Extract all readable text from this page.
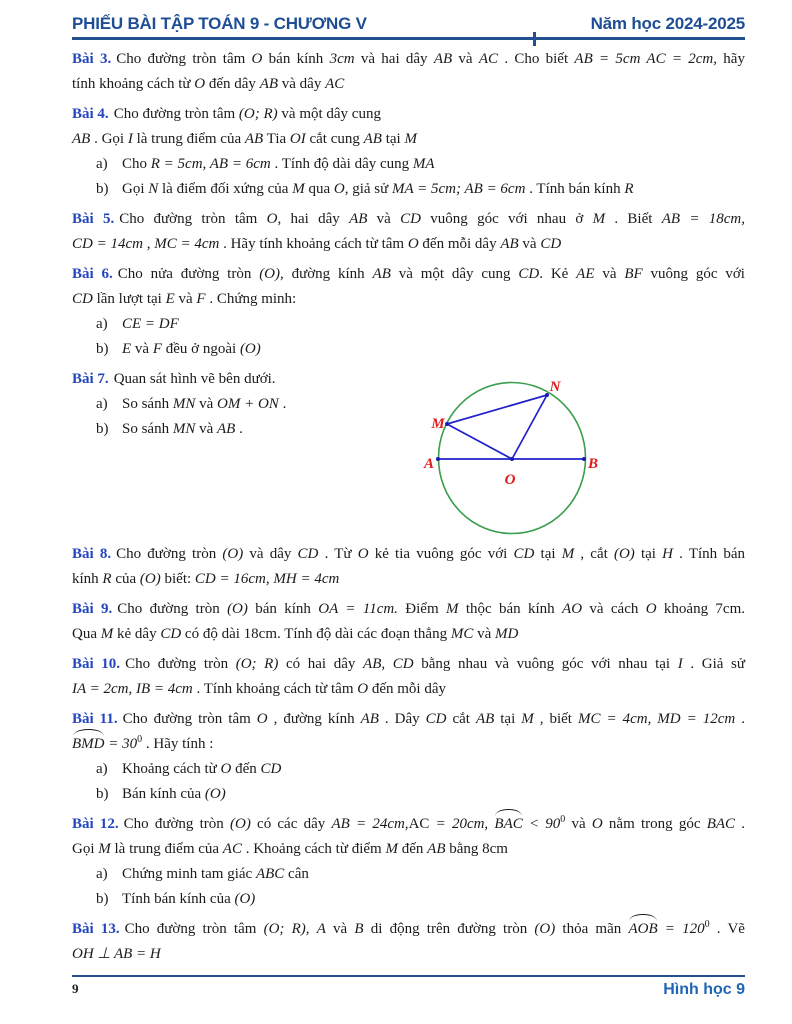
PHIẾU BÀI TẬP TOÁN 9 - CHƯƠNG V	Năm học 2024-2025
Bài 3. Cho đường tròn tâm O bán kính 3cm và hai dây AB và AC . Cho biết AB = 5cm AC = 2cm, hãy
tính khoảng cách từ O đến dây AB và dây AC
Bài 4. Cho đường tròn tâm (O; R) và một dây cung
AB . Gọi I là trung điểm của AB Tia OI cắt cung AB tại M
a) Cho R = 5cm, AB = 6cm . Tính độ dài dây cung MA
b) Gọi N là điểm đối xứng của M qua O, giả sử MA = 5cm; AB = 6cm . Tính bán kính R
Bài 5. Cho đường tròn tâm O, hai dây AB và CD vuông góc với nhau ở M . Biết AB = 18cm,
CD = 14cm , MC = 4cm . Hãy tính khoảng cách từ tâm O đến mỗi dây AB và CD
Bài 6. Cho nửa đường tròn (O), đường kính AB và một dây cung CD. Kẻ AE và BF vuông góc với
CD lần lượt tại E và F . Chứng minh:
a) CE = DF
b) E và F đều ở ngoài (O)
Bài 7. Quan sát hình vẽ bên dưới.
a) So sánh MN và OM + ON .
b) So sánh MN và AB .
Bài 8. Cho đường tròn (O) và dây CD . Từ O kẻ tia vuông góc với CD tại M , cắt (O) tại H . Tính bán
kính R của (O) biết: CD = 16cm, MH = 4cm
Bài 9. Cho đường tròn (O) bán kính OA = 11cm. Điểm M thộc bán kính AO và cách O khoảng 7cm.
Qua M kẻ dây CD có độ dài 18cm. Tính độ dài các đoạn thẳng MC và MD
Bài 10. Cho đường tròn (O; R) có hai dây AB, CD bằng nhau và vuông góc với nhau tại I . Giả sử
IA = 2cm, IB = 4cm . Tính khoảng cách từ tâm O đến mỗi dây
Bài 11. Cho đường tròn tâm O , đường kính AB . Dây CD cắt AB tại M , biết MC = 4cm, MD = 12cm .
BMD = $30^0$ . Hãy tính :
a) Khoảng cách từ O đến CD
b) Bán kính của (O)
Bài 12. Cho đường tròn (O) có các dây AB = 24cm,AC = 20cm, BAC < $90^0$ và O nằm trong góc BAC .
Gọi M là trung điểm của AC . Khoảng cách từ điểm M đến AB bằng 8cm
a) Chứng minh tam giác ABC cân
b) Tính bán kính của (O)
Bài 13. Cho đường tròn tâm (O; R), A và B di động trên đường tròn (O) thỏa mãn AOB = $120^0$ . Vẽ
OH ⊥ AB = H
A	B
M
N
O
9	Hình học 9
